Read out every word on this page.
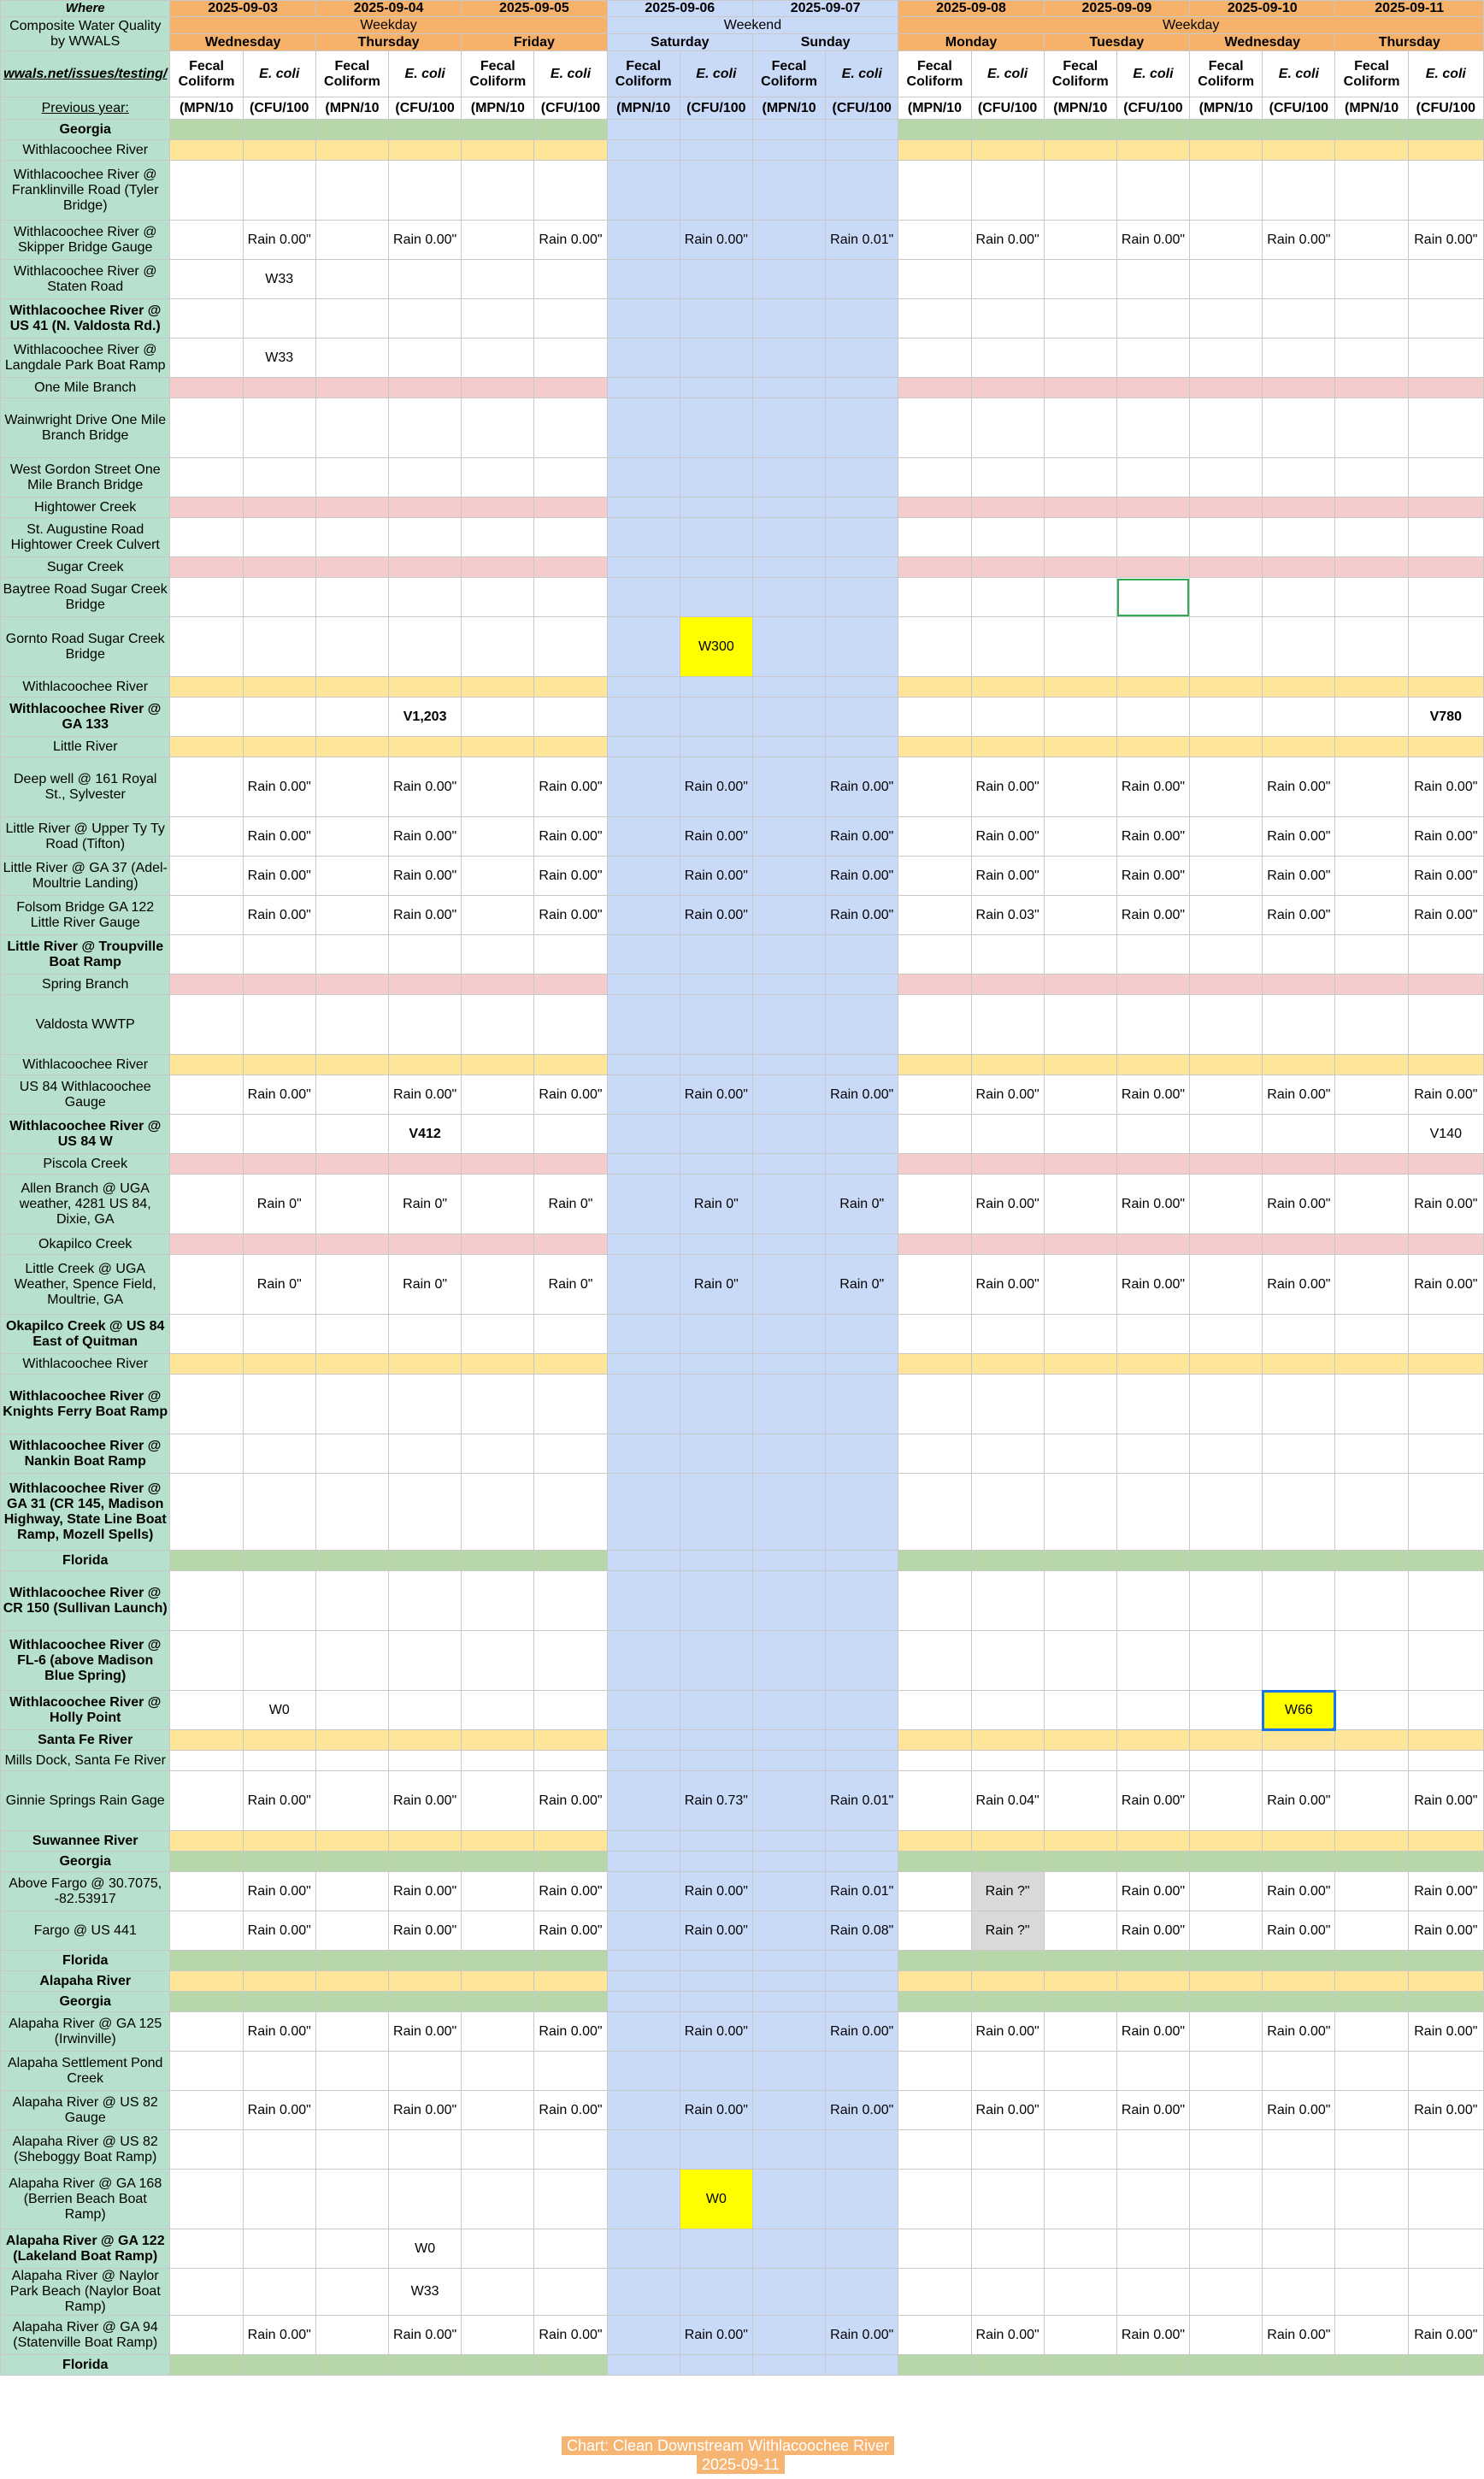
Where	2025-09-03		2025-09-04		2025-09-05		2025-09-06		2025-09-07		2025-09-08		2025-09-09		2025-09-10		2025-09-11	
Composite Water Quality by WWALS	Weekday						Weekend				Weekday							
	Wednesday		Thursday		Friday		Saturday		Sunday		Monday		Tuesday		Wednesday		Thursday	
wwals.net/issues/testing/	Fecal Coliform	E. coli	Fecal Coliform	E. coli	Fecal Coliform	E. coli	Fecal Coliform	E. coli	Fecal Coliform	E. coli	Fecal Coliform	E. coli	Fecal Coliform	E. coli	Fecal Coliform	E. coli	Fecal Coliform	E. coli
Previous year:	(MPN/10	(CFU/100	(MPN/10	(CFU/100	(MPN/10	(CFU/100	(MPN/10	(CFU/100	(MPN/10	(CFU/100	(MPN/10	(CFU/100	(MPN/10	(CFU/100	(MPN/10	(CFU/100	(MPN/10	(CFU/100
Georgia																		
Withlacoochee River																		
Withlacoochee River @ Franklinville Road (Tyler Bridge)																		
Withlacoochee River @ Skipper Bridge Gauge		Rain 0.00"		Rain 0.00"		Rain 0.00"		Rain 0.00"		Rain 0.01"		Rain 0.00"		Rain 0.00"		Rain 0.00"		Rain 0.00"
Withlacoochee River @ Staten Road		W33																
Withlacoochee River @ US 41 (N. Valdosta Rd.)																		
Withlacoochee River @ Langdale Park Boat Ramp		W33																
One Mile Branch																		
Wainwright Drive One Mile Branch Bridge																		
West Gordon Street One Mile Branch Bridge																		
Hightower Creek																		
St. Augustine Road Hightower Creek Culvert																		
Sugar Creek																		
Baytree Road Sugar Creek Bridge																		
Gornto Road Sugar Creek Bridge								W300										
Withlacoochee River																		
Withlacoochee River @ GA 133				V1,203														V780
Little River																		
Deep well @ 161 Royal St., Sylvester		Rain 0.00"		Rain 0.00"		Rain 0.00"		Rain 0.00"		Rain 0.00"		Rain 0.00"		Rain 0.00"		Rain 0.00"		Rain 0.00"
Little River @ Upper Ty Ty Road (Tifton)		Rain 0.00"		Rain 0.00"		Rain 0.00"		Rain 0.00"		Rain 0.00"		Rain 0.00"		Rain 0.00"		Rain 0.00"		Rain 0.00"
Little River @ GA 37 (Adel-Moultrie Landing)		Rain 0.00"		Rain 0.00"		Rain 0.00"		Rain 0.00"		Rain 0.00"		Rain 0.00"		Rain 0.00"		Rain 0.00"		Rain 0.00"
Folsom Bridge GA 122 Little River Gauge		Rain 0.00"		Rain 0.00"		Rain 0.00"		Rain 0.00"		Rain 0.00"		Rain 0.03"		Rain 0.00"		Rain 0.00"		Rain 0.00"
Little River @ Troupville Boat Ramp																		
Spring Branch																		
Valdosta WWTP																		
Withlacoochee River																		
US 84 Withlacoochee Gauge		Rain 0.00"		Rain 0.00"		Rain 0.00"		Rain 0.00"		Rain 0.00"		Rain 0.00"		Rain 0.00"		Rain 0.00"		Rain 0.00"
Withlacoochee River @ US 84 W				V412														V140
Piscola Creek																		
Allen Branch @ UGA weather, 4281 US 84, Dixie, GA		Rain 0"		Rain 0"		Rain 0"		Rain 0"		Rain 0"		Rain 0.00"		Rain 0.00"		Rain 0.00"		Rain 0.00"
Okapilco Creek																		
Little Creek @ UGA Weather, Spence Field, Moultrie, GA		Rain 0"		Rain 0"		Rain 0"		Rain 0"		Rain 0"		Rain 0.00"		Rain 0.00"		Rain 0.00"		Rain 0.00"
Okapilco Creek @ US 84 East of Quitman																		
Withlacoochee River																		
Withlacoochee River @ Knights Ferry Boat Ramp																		
Withlacoochee River @ Nankin Boat Ramp																		
Withlacoochee River @ GA 31 (CR 145, Madison Highway, State Line Boat Ramp, Mozell Spells)																		
Florida																		
Withlacoochee River @ CR 150 (Sullivan Launch)																		
Withlacoochee River @ FL-6 (above Madison Blue Spring)																		
Withlacoochee River @ Holly Point		W0														W66		
Santa Fe River																		
Mills Dock, Santa Fe River																		
Ginnie Springs Rain Gage		Rain 0.00"		Rain 0.00"		Rain 0.00"		Rain 0.73"		Rain 0.01"		Rain 0.04"		Rain 0.00"		Rain 0.00"		Rain 0.00"
Suwannee River																		
Georgia																		
Above Fargo @ 30.7075, -82.53917		Rain 0.00"		Rain 0.00"		Rain 0.00"		Rain 0.00"		Rain 0.01"		Rain ?"		Rain 0.00"		Rain 0.00"		Rain 0.00"
Fargo @ US 441		Rain 0.00"		Rain 0.00"		Rain 0.00"		Rain 0.00"		Rain 0.08"		Rain ?"		Rain 0.00"		Rain 0.00"		Rain 0.00"
Florida																		
Alapaha River																		
Georgia																		
Alapaha River @ GA 125 (Irwinville)		Rain 0.00"		Rain 0.00"		Rain 0.00"		Rain 0.00"		Rain 0.00"		Rain 0.00"		Rain 0.00"		Rain 0.00"		Rain 0.00"
Alapaha Settlement Pond Creek																		
Alapaha River @ US 82 Gauge		Rain 0.00"		Rain 0.00"		Rain 0.00"		Rain 0.00"		Rain 0.00"		Rain 0.00"		Rain 0.00"		Rain 0.00"		Rain 0.00"
Alapaha River @ US 82 (Sheboggy Boat Ramp)																		
Alapaha River @ GA 168 (Berrien Beach Boat Ramp)								W0										
Alapaha River @ GA 122 (Lakeland Boat Ramp)				W0														
Alapaha River @ Naylor Park Beach (Naylor Boat Ramp)				W33														
Alapaha River @ GA 94 (Statenville Boat Ramp)		Rain 0.00"		Rain 0.00"		Rain 0.00"		Rain 0.00"		Rain 0.00"		Rain 0.00"		Rain 0.00"		Rain 0.00"		Rain 0.00"
Florida																		
Chart: Clean Downstream Withlacoochee River
2025-09-11
